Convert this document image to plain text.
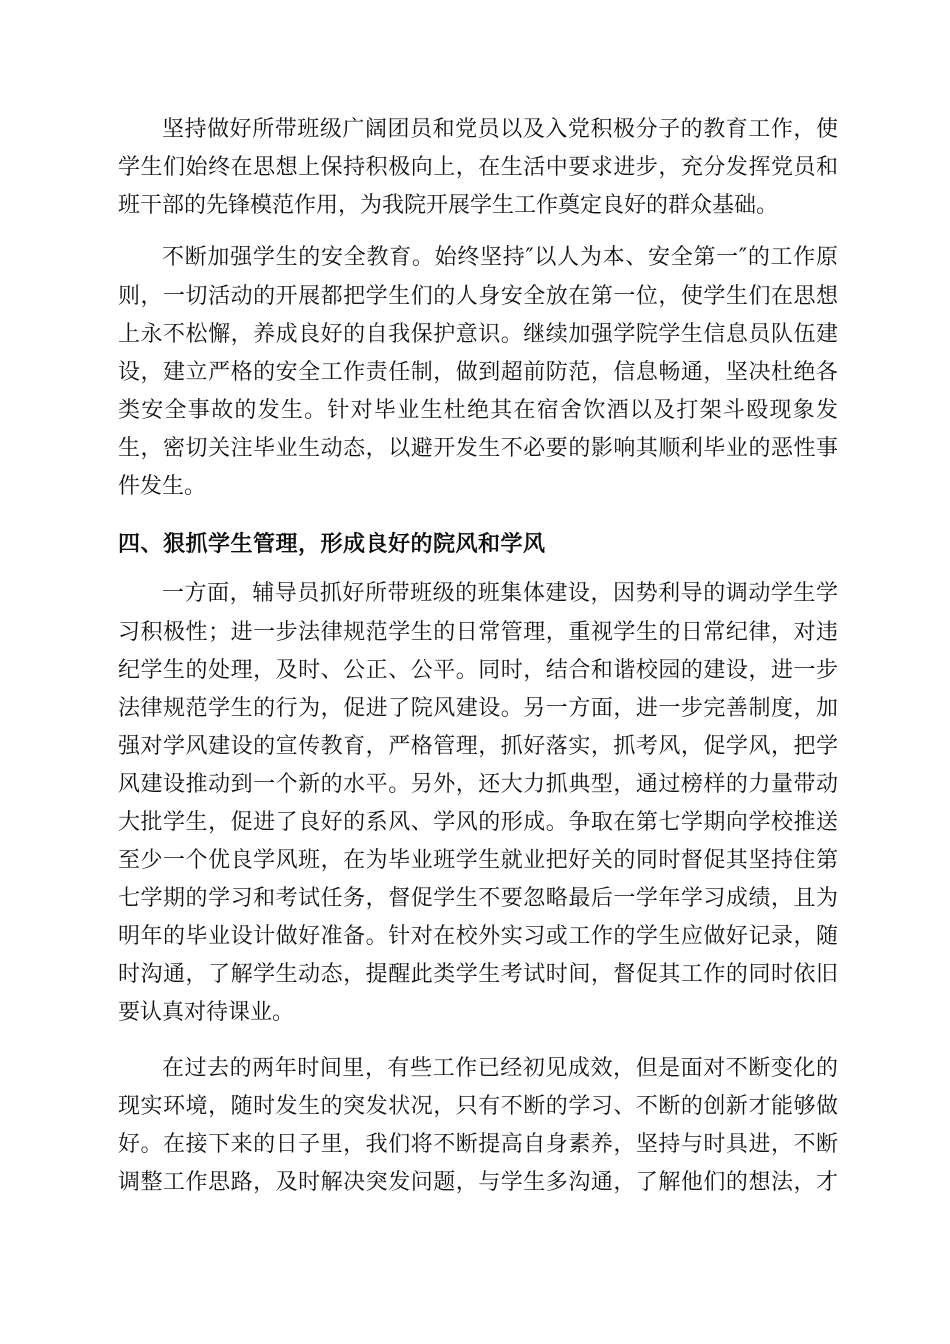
坚持做好所带班级广阔团员和党员以及入党积极分子的教育工作，使
学生们始终在思想上保持积极向上，在生活中要求进步，充分发挥党员和
班干部的先锋模范作用，为我院开展学生工作奠定良好的群众基础。
不断加强学生的安全教育。始终坚持″以人为本、安全第一″的工作原
则，一切活动的开展都把学生们的人身安全放在第一位，使学生们在思想
上永不松懈，养成良好的自我保护意识。继续加强学院学生信息员队伍建
设，建立严格的安全工作责任制，做到超前防范，信息畅通，坚决杜绝各
类安全事故的发生。针对毕业生杜绝其在宿舍饮酒以及打架斗殴现象发
生，密切关注毕业生动态，以避开发生不必要的影响其顺利毕业的恶性事
件发生。
四、狠抓学生管理，形成良好的院风和学风
一方面，辅导员抓好所带班级的班集体建设，因势利导的调动学生学
习积极性；进一步法律规范学生的日常管理，重视学生的日常纪律，对违
纪学生的处理，及时、公正、公平。同时，结合和谐校园的建设，进一步
法律规范学生的行为，促进了院风建设。另一方面，进一步完善制度，加
强对学风建设的宣传教育，严格管理，抓好落实，抓考风，促学风，把学
风建设推动到一个新的水平。另外，还大力抓典型，通过榜样的力量带动
大批学生，促进了良好的系风、学风的形成。争取在第七学期向学校推送
至少一个优良学风班，在为毕业班学生就业把好关的同时督促其坚持住第
七学期的学习和考试任务，督促学生不要忽略最后一学年学习成绩，且为
明年的毕业设计做好准备。针对在校外实习或工作的学生应做好记录，随
时沟通，了解学生动态，提醒此类学生考试时间，督促其工作的同时依旧
要认真对待课业。
在过去的两年时间里，有些工作已经初见成效，但是面对不断变化的
现实环境，随时发生的突发状况，只有不断的学习、不断的创新才能够做
好。在接下来的日子里，我们将不断提高自身素养，坚持与时具进，不断
调整工作思路，及时解决突发问题，与学生多沟通，了解他们的想法，才
